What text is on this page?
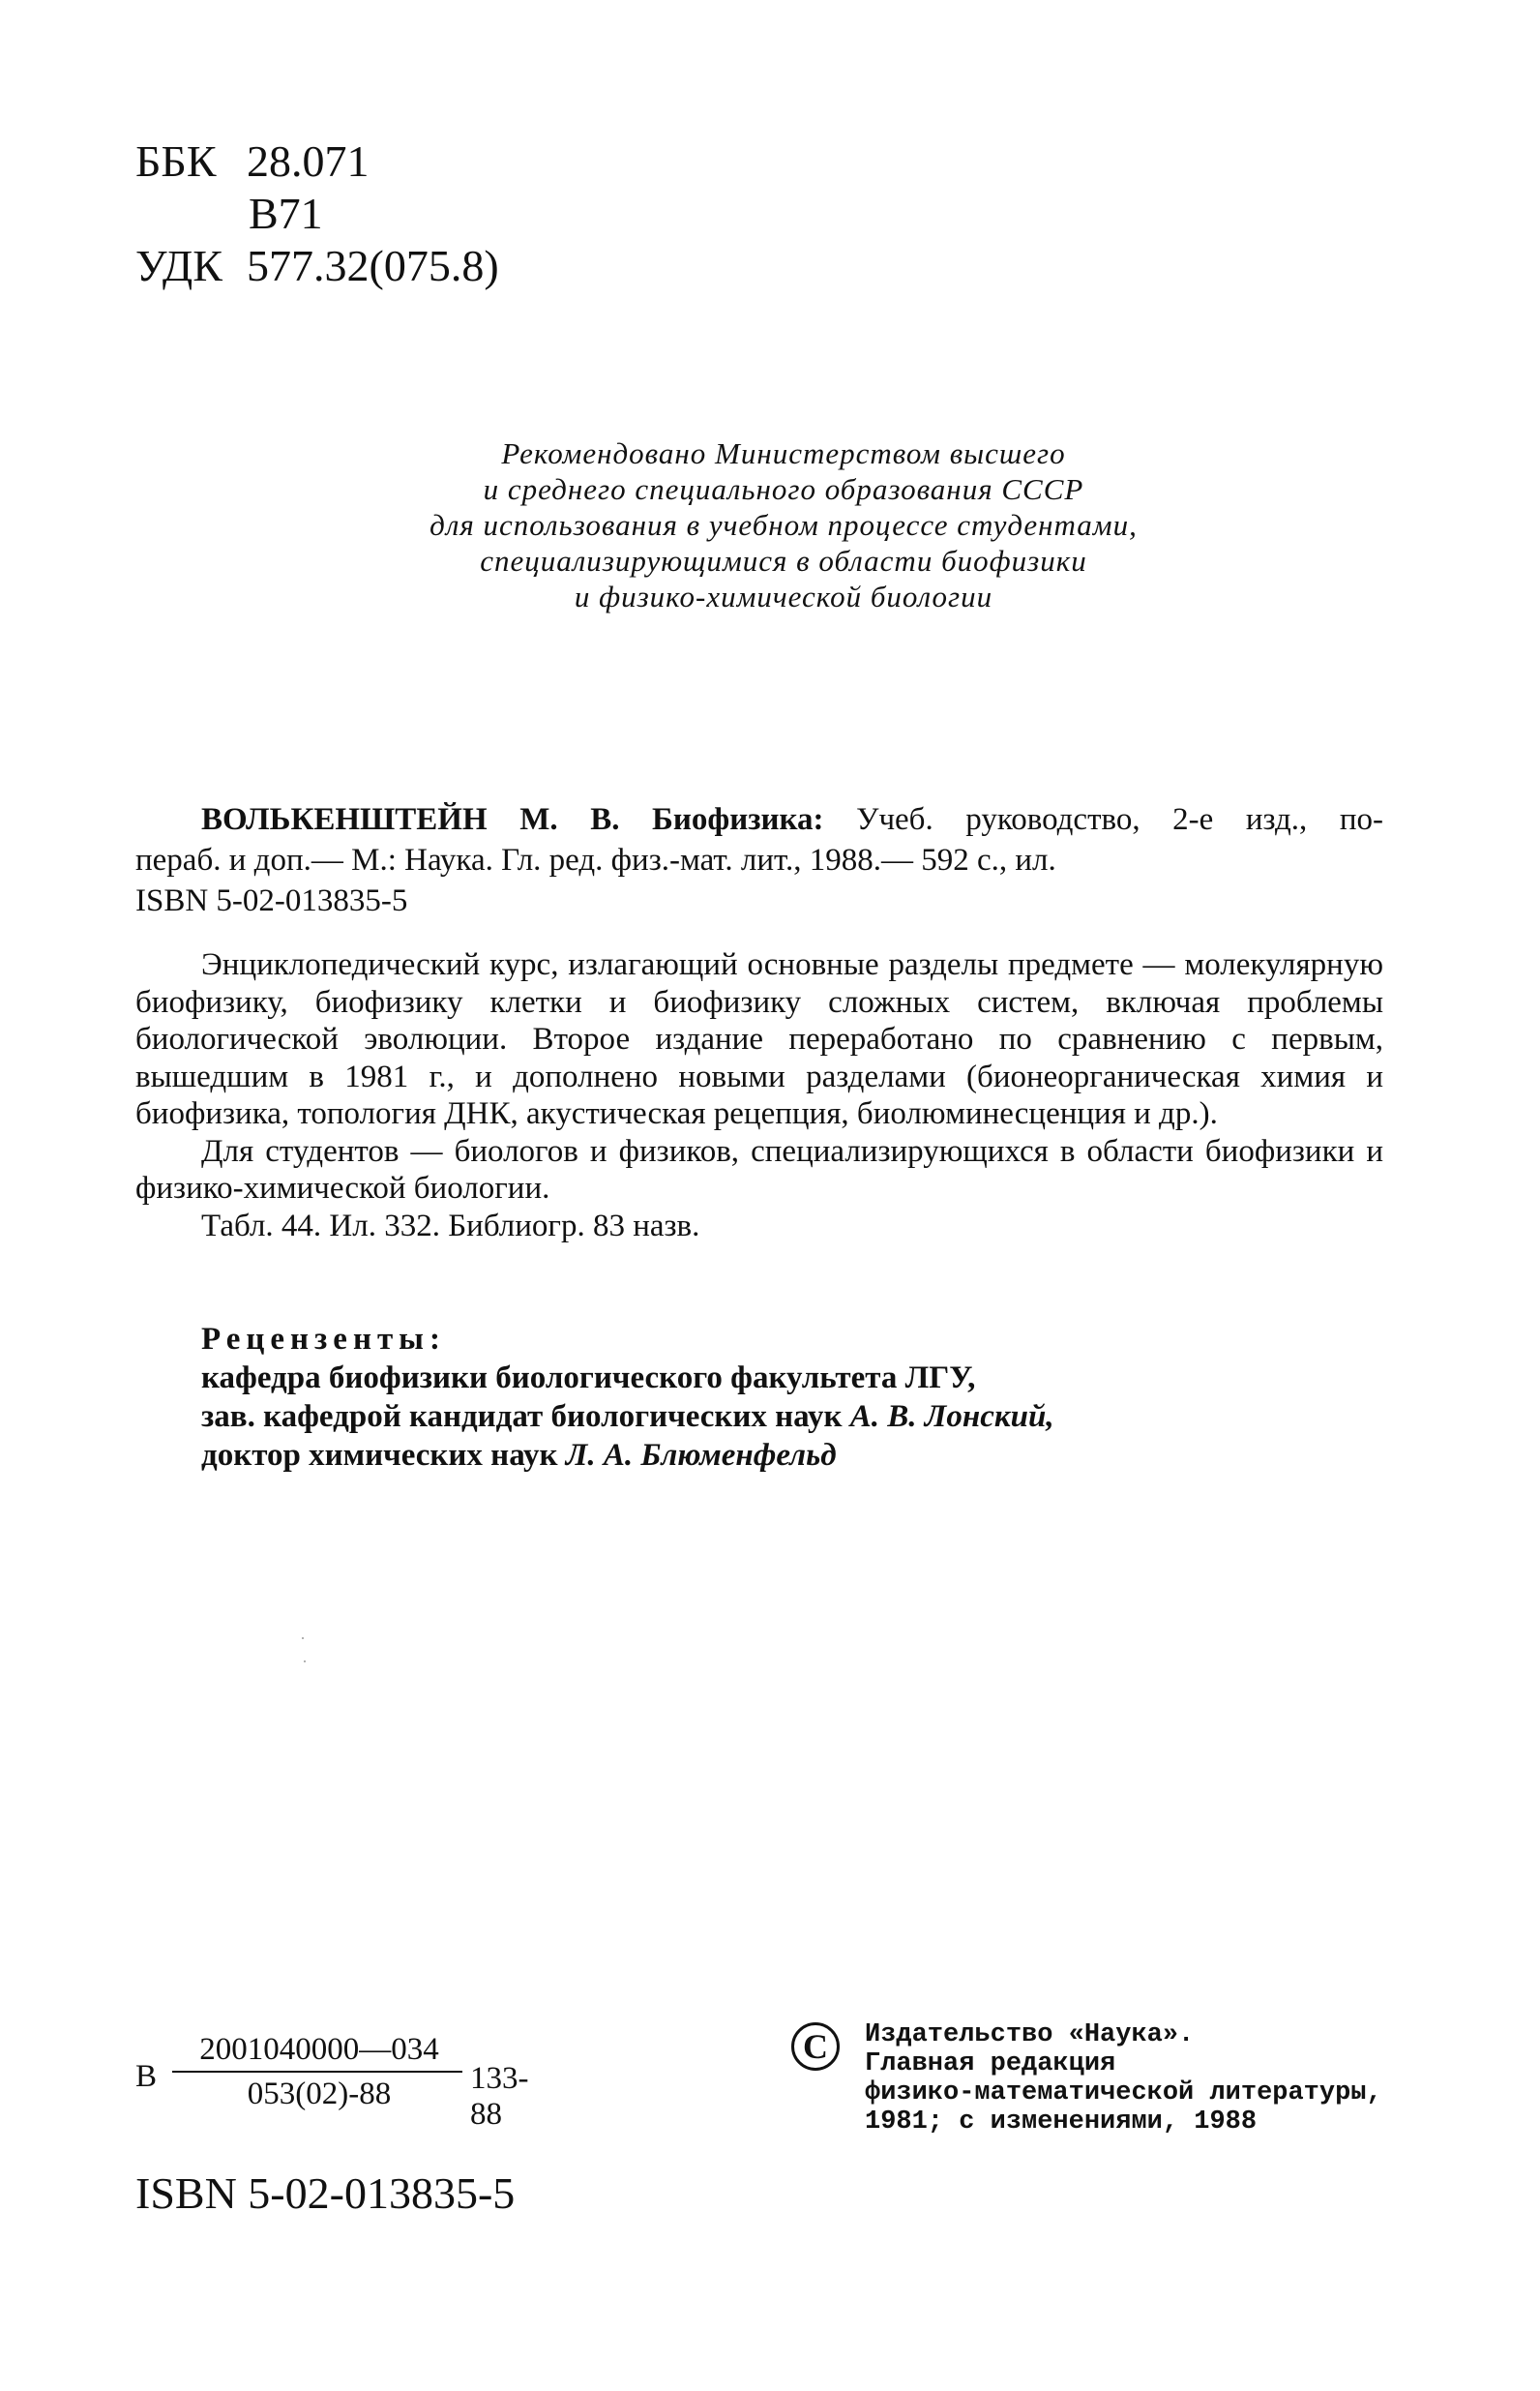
ББК 28.071
В71
УДК 577.32(075.8)
Рекомендовано Министерством высшего
и среднего специального образования СССР
для использования в учебном процессе студентами,
специализирующимися в области биофизики
и физико-химической биологии
ВОЛЬКЕНШТЕЙН М. В. Биофизика: Учеб. руководство, 2-е изд., по-
пераб. и доп.— М.: Наука. Гл. ред. физ.-мат. лит., 1988.— 592 с., ил.
ISBN 5-02-013835-5

Энциклопедический курс, излагающий основные разделы предмете — молекулярную биофизику, биофизику клетки и биофизику сложных систем, включая проблемы биологической эволюции. Второе издание переработано по сравнению с первым, вышедшим в 1981 г., и дополнено новыми разделами (бионеорганическая химия и биофизика, топология ДНК, акустическая рецепция, биолюминесценция и др.).

Для студентов — биологов и физиков, специализирующихся в области биофизики и физико-химической биологии.

Табл. 44. Ил. 332. Библиогр. 83 назв.

Рецензенты:
кафедра биофизики биологического факультета ЛГУ,
зав. кафедрой кандидат биологических наук А. В. Лонский,
доктор химических наук Л. А. Блюменфельд
В
2001040000—034
053(02)-88	133-88
C	Издательство «Наука».
Главная редакция
физико-математической литературы,
1981; с изменениями, 1988
ISBN 5-02-013835-5
